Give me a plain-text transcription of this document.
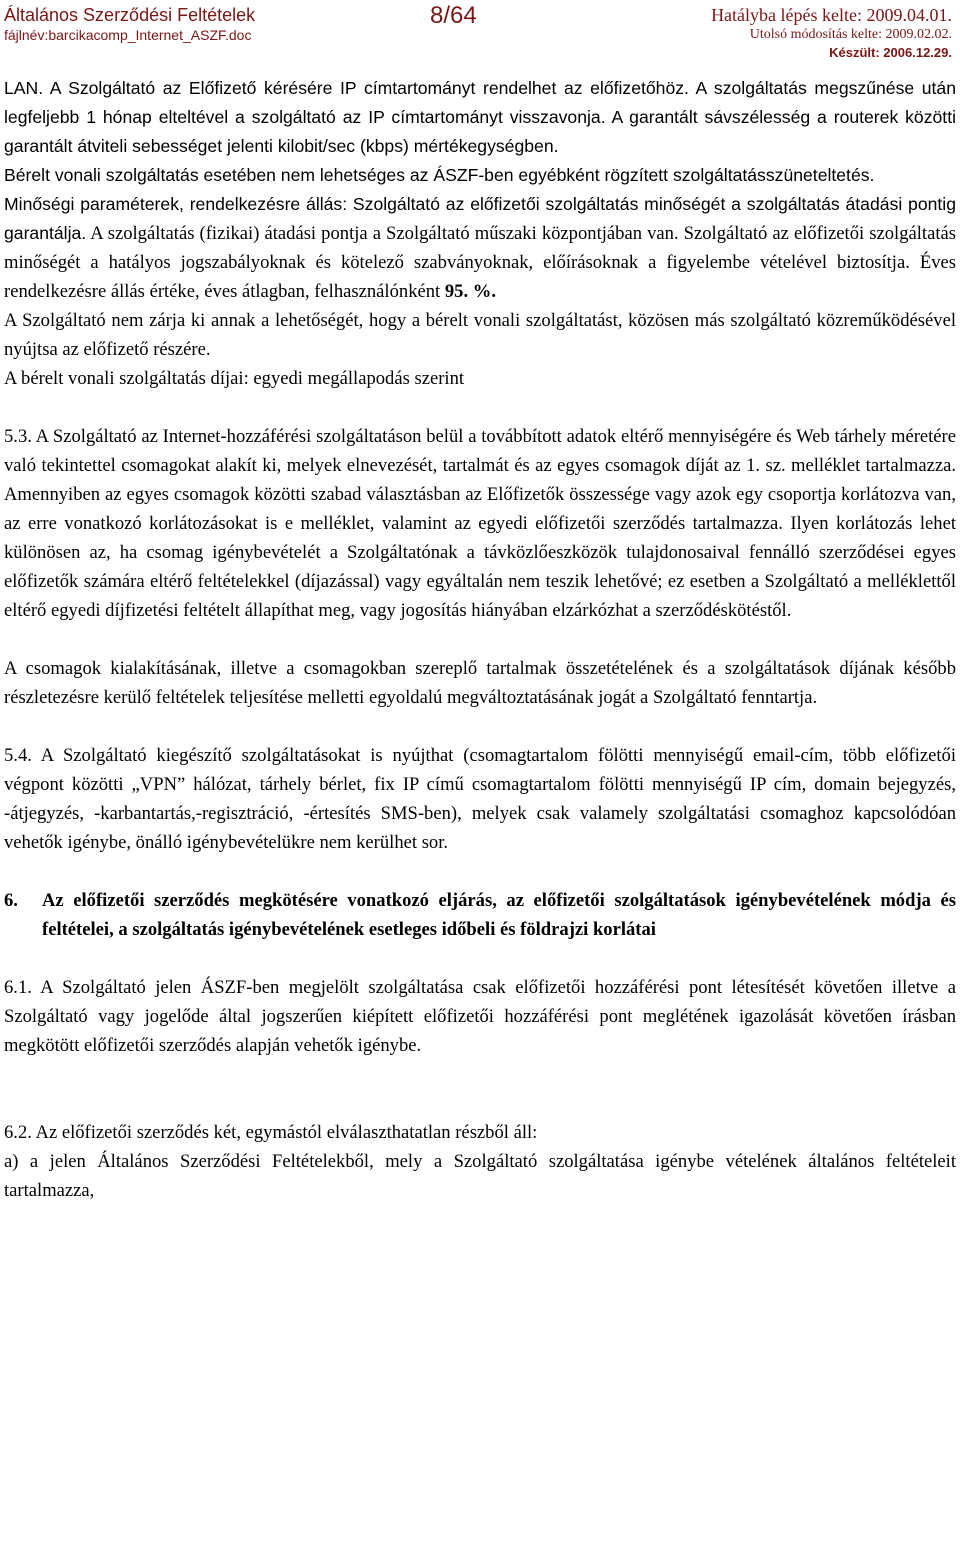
Általános Szerződési Feltételek
fájlnév:barcikacomp_Internet_ASZF.doc
8/64	Hatályba lépés kelte: 2009.04.01.
Utolsó módosítás kelte: 2009.02.02.
Készült: 2006.12.29.

LAN. A Szolgáltató az Előfizető kérésére IP címtartományt rendelhet az előfizetőhöz. A szolgáltatás megszűnése után legfeljebb 1 hónap elteltével a szolgáltató az IP címtartományt visszavonja. A garantált sávszélesség a routerek közötti garantált átviteli sebességet jelenti kilobit/sec (kbps) mértékegységben.

Bérelt vonali szolgáltatás esetében nem lehetséges az ÁSZF-ben egyébként rögzített szolgáltatásszüneteltetés.

Minőségi paraméterek, rendelkezésre állás: Szolgáltató az előfizetői szolgáltatás minőségét a szolgáltatás átadási pontig garantálja. A szolgáltatás (fizikai) átadási pontja a Szolgáltató műszaki központjában van. Szolgáltató az előfizetői szolgáltatás minőségét a hatályos jogszabályoknak és kötelező szabványoknak, előírásoknak a figyelembe vételével biztosítja. Éves rendelkezésre állás értéke, éves átlagban, felhasználónként 95. %.

A Szolgáltató nem zárja ki annak a lehetőségét, hogy a bérelt vonali szolgáltatást, közösen más szolgáltató közreműködésével nyújtsa az előfizető részére.

A bérelt vonali szolgáltatás díjai: egyedi megállapodás szerint

5.3. A Szolgáltató az Internet-hozzáférési szolgáltatáson belül a továbbított adatok eltérő mennyiségére és Web tárhely méretére való tekintettel csomagokat alakít ki, melyek elnevezését, tartalmát és az egyes csomagok díját az 1. sz. melléklet tartalmazza. Amennyiben az egyes csomagok közötti szabad választásban az Előfizetők összessége vagy azok egy csoportja korlátozva van, az erre vonatkozó korlátozásokat is e melléklet, valamint az egyedi előfizetői szerződés tartalmazza. Ilyen korlátozás lehet különösen az, ha csomag igénybevételét a Szolgáltatónak a távközlőeszközök tulajdonosaival fennálló szerződései egyes előfizetők számára eltérő feltételekkel (díjazással) vagy egyáltalán nem teszik lehetővé; ez esetben a Szolgáltató a melléklettől eltérő egyedi díjfizetési feltételt állapíthat meg, vagy jogosítás hiányában elzárkózhat a szerződéskötéstől.

A csomagok kialakításának, illetve a csomagokban szereplő tartalmak összetételének és a szolgáltatások díjának később részletezésre kerülő feltételek teljesítése melletti egyoldalú megváltoztatásának jogát a Szolgáltató fenntartja.

5.4. A Szolgáltató kiegészítő szolgáltatásokat is nyújthat (csomagtartalom fölötti mennyiségű email-cím, több előfizetői végpont közötti „VPN” hálózat, tárhely bérlet, fix IP című csomagtartalom fölötti mennyiségű IP cím, domain bejegyzés, -átjegyzés, -karbantartás,-regisztráció, -értesítés SMS-ben), melyek csak valamely szolgáltatási csomaghoz kapcsolódóan vehetők igénybe, önálló igénybevételükre nem kerülhet sor.

6.	Az előfizetői szerződés megkötésére vonatkozó eljárás, az előfizetői szolgáltatások igénybevételének módja és feltételei, a szolgáltatás igénybevételének esetleges időbeli és földrajzi korlátai

6.1. A Szolgáltató jelen ÁSZF-ben megjelölt szolgáltatása csak előfizetői hozzáférési pont létesítését követően illetve a Szolgáltató vagy jogelőde által jogszerűen kiépített előfizetői hozzáférési pont meglétének igazolását követően írásban megkötött előfizetői szerződés alapján vehetők igénybe.

6.2. Az előfizetői szerződés két, egymástól elválaszthatatlan részből áll:

a) a jelen Általános Szerződési Feltételekből, mely a Szolgáltató szolgáltatása igénybe vételének általános feltételeit tartalmazza,
